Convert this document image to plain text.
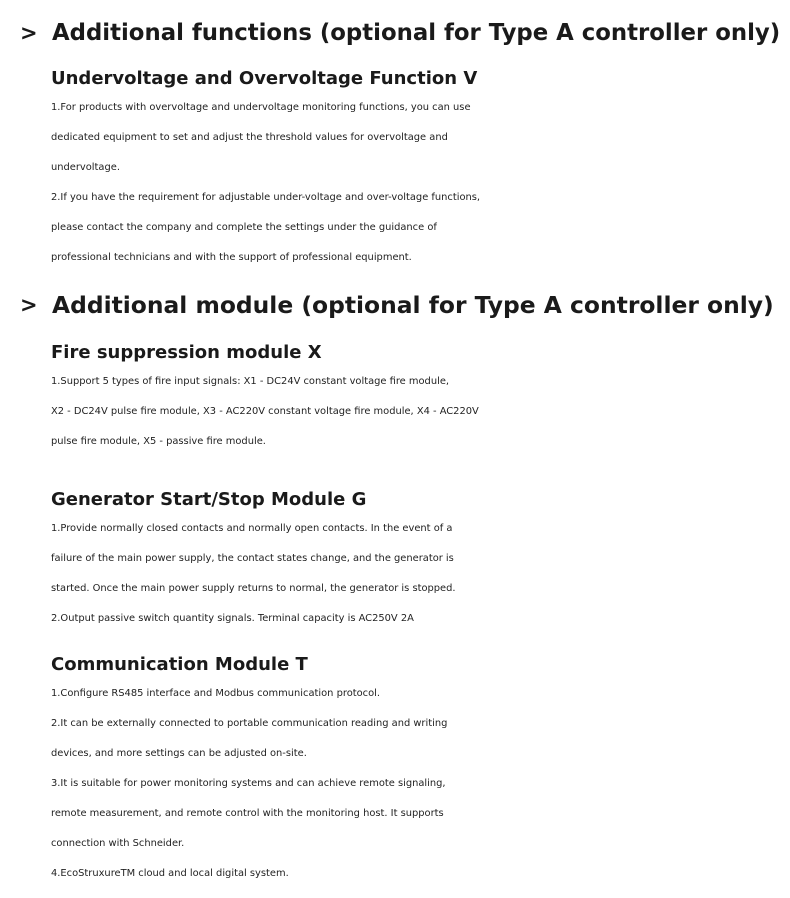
> Additional functions (optional for Type A controller only)
Undervoltage and Overvoltage Function V
1.For products with overvoltage and undervoltage monitoring functions, you can use
dedicated equipment to set and adjust the threshold values for overvoltage and
undervoltage.
2.If you have the requirement for adjustable under-voltage and over-voltage functions,
please contact the company and complete the settings under the guidance of
professional technicians and with the support of professional equipment.
> Additional module (optional for Type A controller only)
Fire suppression module X
1.Support 5 types of fire input signals: X1 - DC24V constant voltage fire module,
X2 - DC24V pulse fire module, X3 - AC220V constant voltage fire module, X4 - AC220V
pulse fire module, X5 - passive fire module.
Generator Start/Stop Module G
1.Provide normally closed contacts and normally open contacts. In the event of a
failure of the main power supply, the contact states change, and the generator is
started. Once the main power supply returns to normal, the generator is stopped.
2.Output passive switch quantity signals. Terminal capacity is AC250V 2A
Communication Module T
1.Configure RS485 interface and Modbus communication protocol.
2.It can be externally connected to portable communication reading and writing
devices, and more settings can be adjusted on-site.
3.It is suitable for power monitoring systems and can achieve remote signaling,
remote measurement, and remote control with the monitoring host. It supports
connection with Schneider.
4.EcoStruxureTM cloud and local digital system.
